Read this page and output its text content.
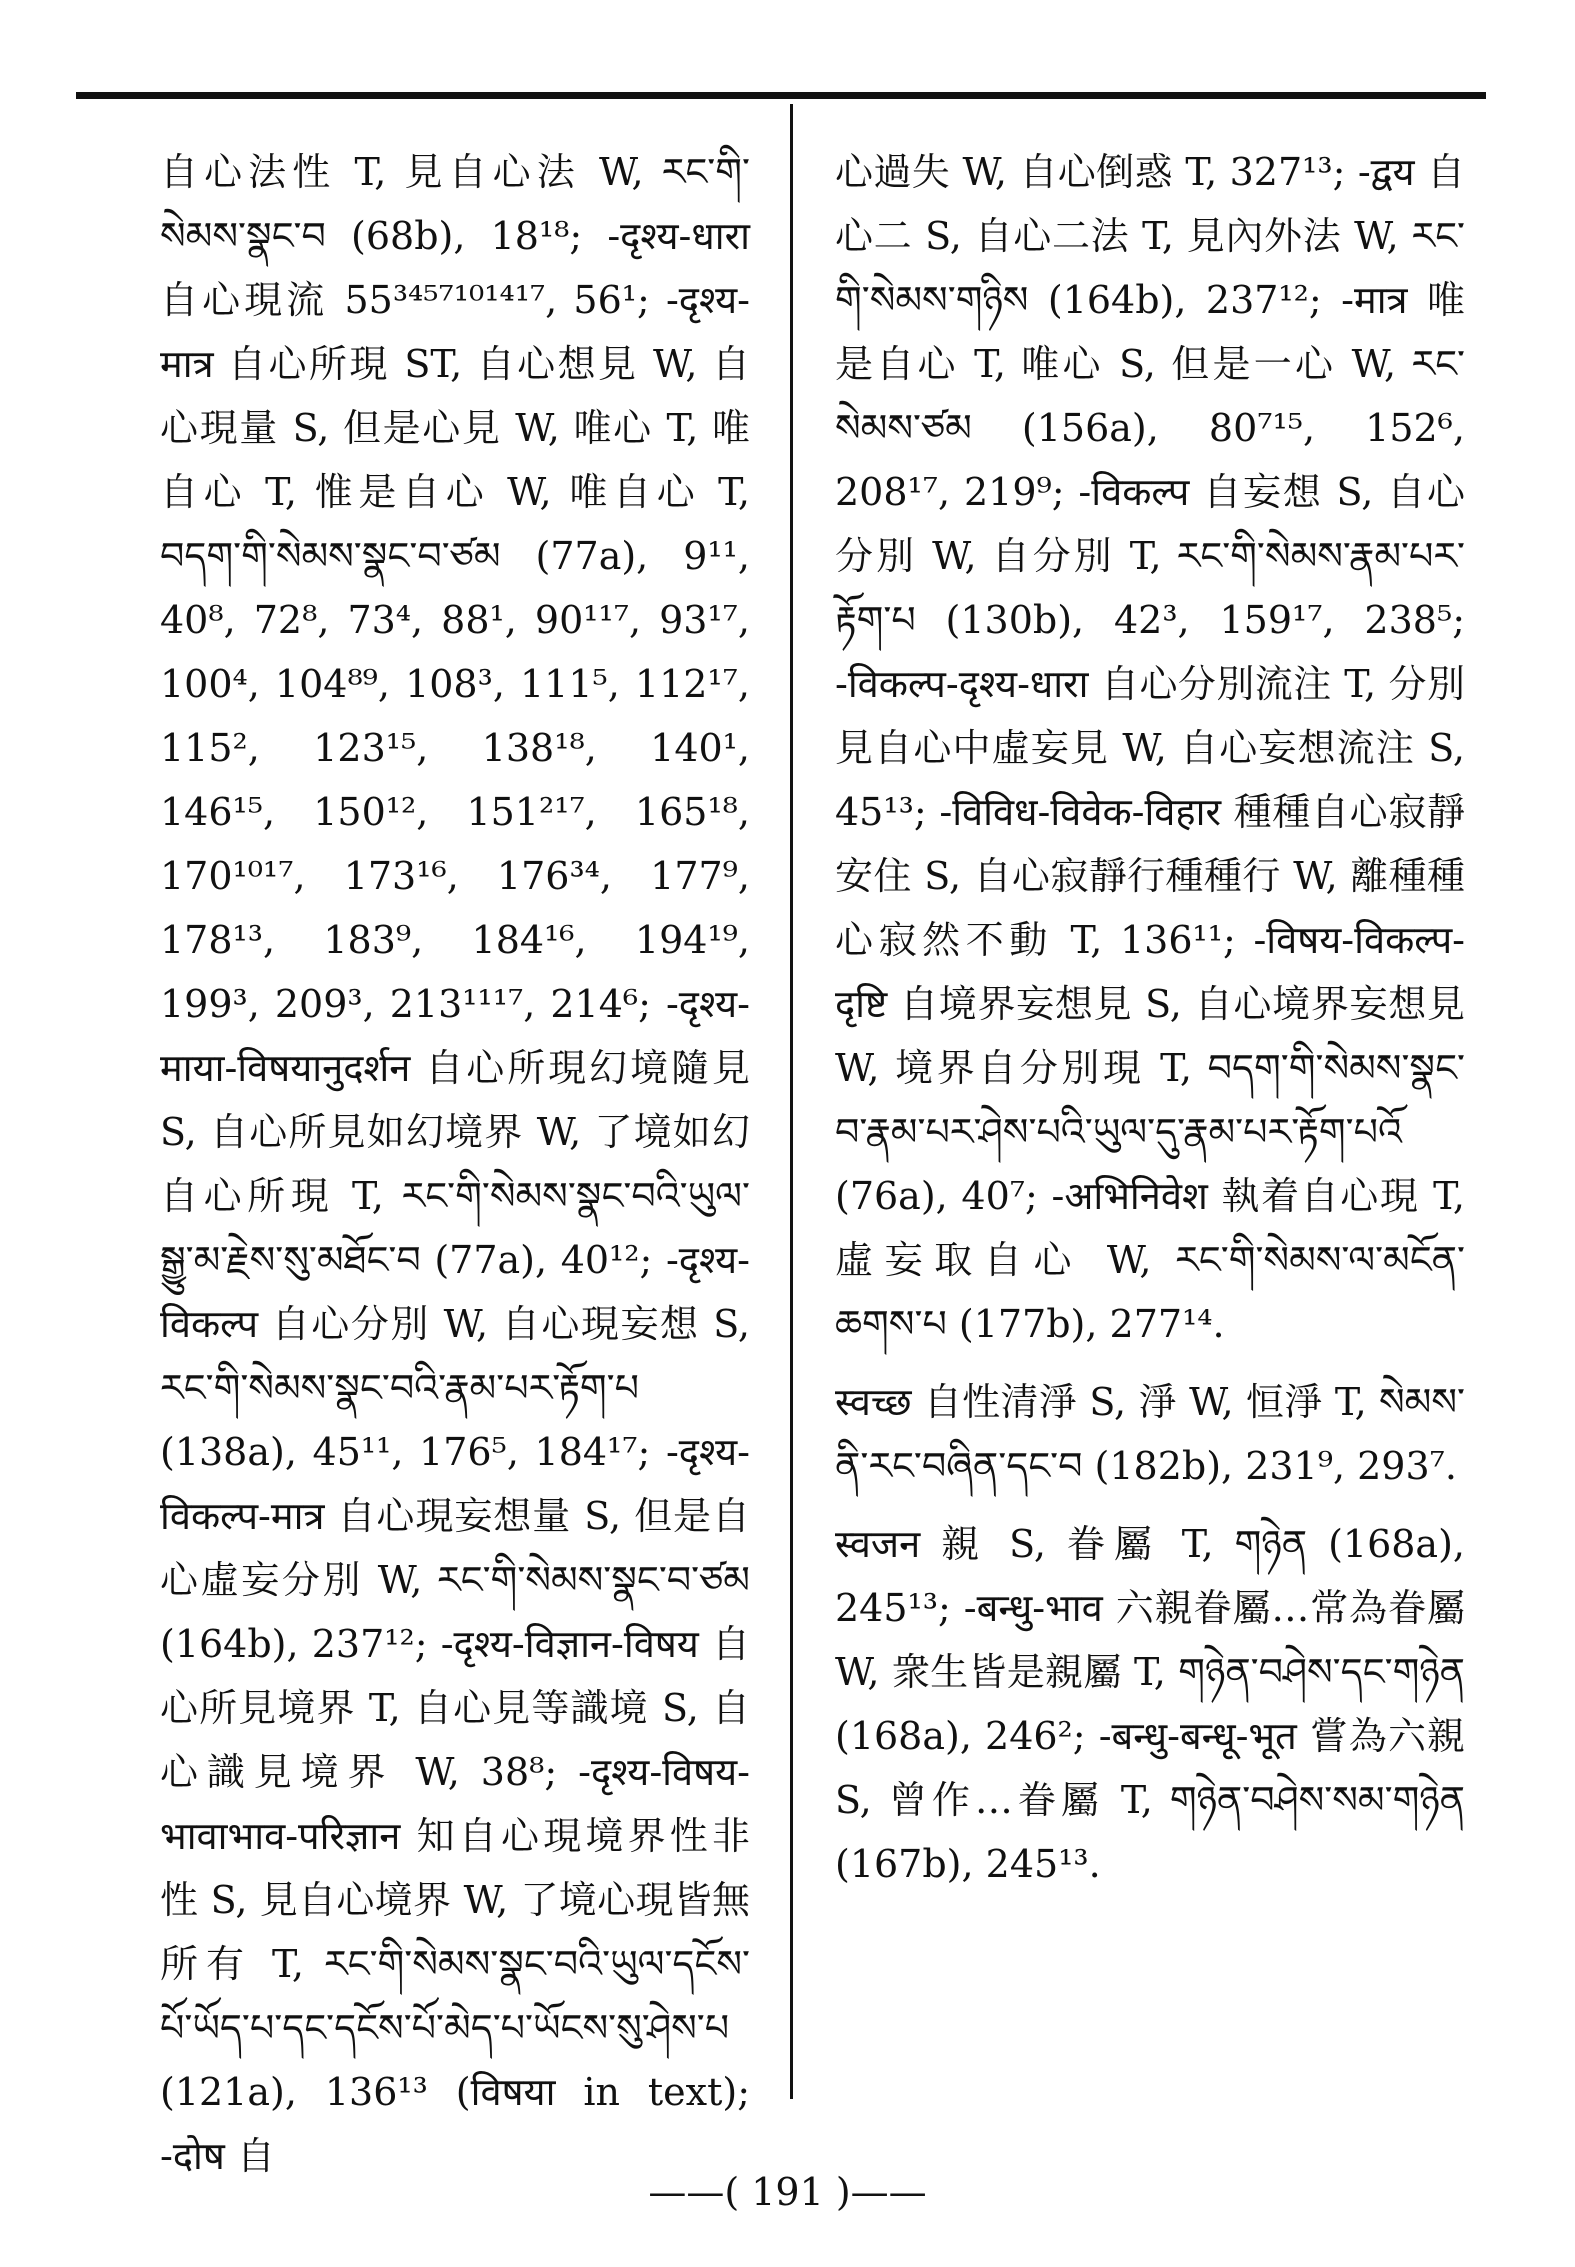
自心法性 T, 見自心法 W, རང་གི་སེམས་སྣང་བ (68b), 18¹⁸; -दृश्य-धारा 自心現流 55³⁴⁵⁷¹⁰¹⁴¹⁷, 56¹; -दृश्य-मात्र 自心所現 ST, 自心想見 W, 自心現量 S, 但是心見 W, 唯心 T, 唯自心 T, 惟是自心 W, 唯自心 T, བདག་གི་སེམས་སྣང་བ་ཙམ (77a), 9¹¹, 40⁸, 72⁸, 73⁴, 88¹, 90¹¹⁷, 93¹⁷, 100⁴, 104⁸⁹, 108³, 111⁵, 112¹⁷, 115², 123¹⁵, 138¹⁸, 140¹, 146¹⁵, 150¹², 151²¹⁷, 165¹⁸, 170¹⁰¹⁷, 173¹⁶, 176³⁴, 177⁹, 178¹³, 183⁹, 184¹⁶, 194¹⁹, 199³, 209³, 213¹¹¹⁷, 214⁶; -दृश्य-माया-विषयानुदर्शन 自心所現幻境隨見 S, 自心所見如幻境界 W, 了境如幻自心所現 T, རང་གི་སེམས་སྣང་བའི་ཡུལ་སྒྱུ་མ་རྗེས་སུ་མཐོང་བ (77a), 40¹²; -दृश्य-विकल्प 自心分別 W, 自心現妄想 S, རང་གི་སེམས་སྣང་བའི་རྣམ་པར་རྟོག་པ (138a), 45¹¹, 176⁵, 184¹⁷; -दृश्य-विकल्प-मात्र 自心現妄想量 S, 但是自心虛妄分別 W, རང་གི་སེམས་སྣང་བ་ཙམ (164b), 237¹²; -दृश्य-विज्ञान-विषय 自心所見境界 T, 自心見等識境 S, 自心識見境界 W, 38⁸; -दृश्य-विषय-भावाभाव-परिज्ञान 知自心現境界性非性 S, 見自心境界 W, 了境心現皆無所有 T, རང་གི་སེམས་སྣང་བའི་ཡུལ་དངོས་པོ་ཡོད་པ་དང་དངོས་པོ་མེད་པ་ཡོངས་སུ་ཤེས་པ (121a), 136¹³ (विषया in text); -दोष 自

心過失 W, 自心倒惑 T, 327¹³; -द्वय 自心二 S, 自心二法 T, 見內外法 W, རང་གི་སེམས་གཉིས (164b), 237¹²; -मात्र 唯是自心 T, 唯心 S, 但是一心 W, རང་སེམས་ཙམ (156a), 80⁷¹⁵, 152⁶, 208¹⁷, 219⁹; -विकल्प 自妄想 S, 自心分別 W, 自分別 T, རང་གི་སེམས་རྣམ་པར་རྟོག་པ (130b), 42³, 159¹⁷, 238⁵; -विकल्प-दृश्य-धारा 自心分別流注 T, 分別見自心中虛妄見 W, 自心妄想流注 S, 45¹³; -विविध-विवेक-विहार 種種自心寂靜安住 S, 自心寂靜行種種行 W, 離種種心寂然不動 T, 136¹¹; -विषय-विकल्प-दृष्टि 自境界妄想見 S, 自心境界妄想見 W, 境界自分別現 T, བདག་གི་སེམས་སྣང་བ་རྣམ་པར་ཤེས་པའི་ཡུལ་དུ་རྣམ་པར་རྟོག་པའོ (76a), 40⁷; -अभिनिवेश 執着自心現 T, 虛妄取自心 W, རང་གི་སེམས་ལ་མངོན་ཆགས་པ (177b), 277¹⁴.

स्वच्छ 自性清淨 S, 淨 W, 恒淨 T, སེམས་ནི་རང་བཞིན་དང་བ (182b), 231⁹, 293⁷.

स्वजन 親 S, 眷屬 T, གཉེན (168a), 245¹³; -बन्धु-भाव 六親眷屬…常為眷屬 W, 衆生皆是親屬 T, གཉེན་བཤེས་དང་གཉེན (168a), 246²; -बन्धु-बन्धू-भूत 嘗為六親 S, 曾作…眷屬 T, གཉེན་བཤེས་སམ་གཉེན (167b), 245¹³.

——( 191 )——
